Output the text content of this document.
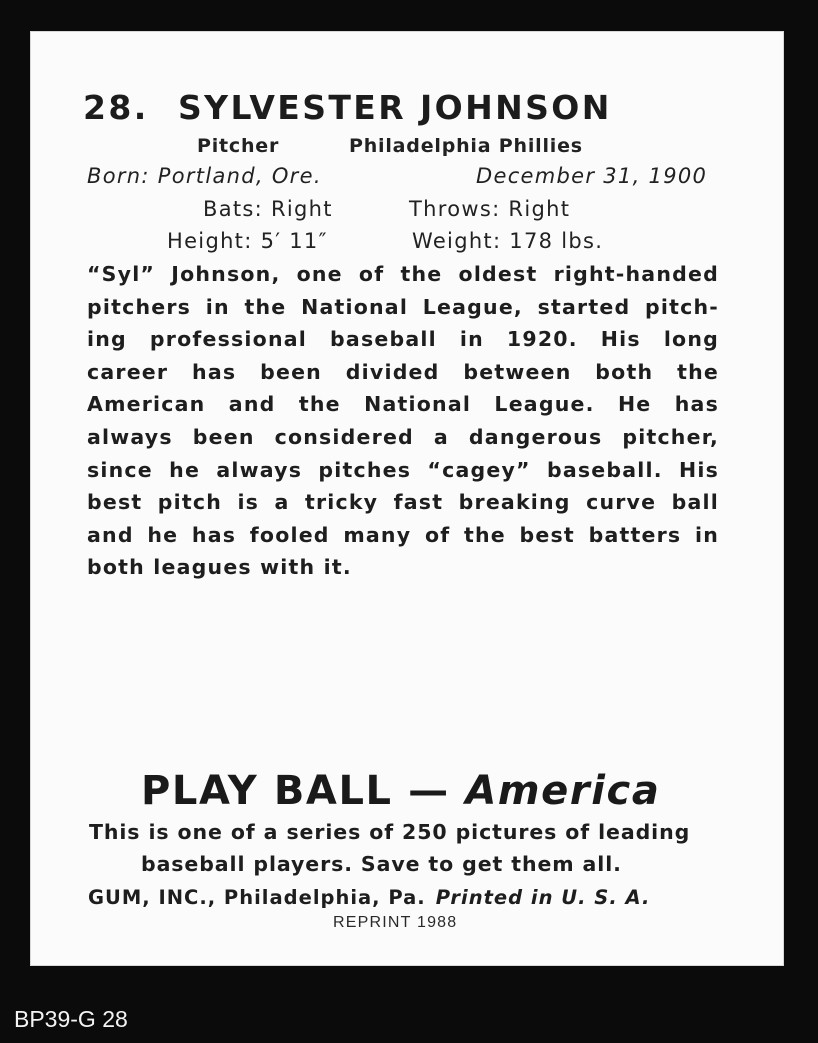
28. SYLVESTER JOHNSON
Pitcher	Philadelphia Phillies
Born: Portland, Ore.	December 31, 1900
Bats: Right	Throws: Right
Height: 5′ 11″	Weight: 178 lbs.
“Syl” Johnson, one of the oldest right-handed
pitchers in the National League, started pitch-
ing professional baseball in 1920. His long
career has been divided between both the
American and the National League. He has
always been considered a dangerous pitcher,
since he always pitches “cagey” baseball. His
best pitch is a tricky fast breaking curve ball
and he has fooled many of the best batters in
both leagues with it.
PLAY BALL — America
This is one of a series of 250 pictures of leading
baseball players. Save to get them all.
GUM, INC., Philadelphia, Pa. Printed in U. S. A.
REPRINT 1988
BP39-G 28
